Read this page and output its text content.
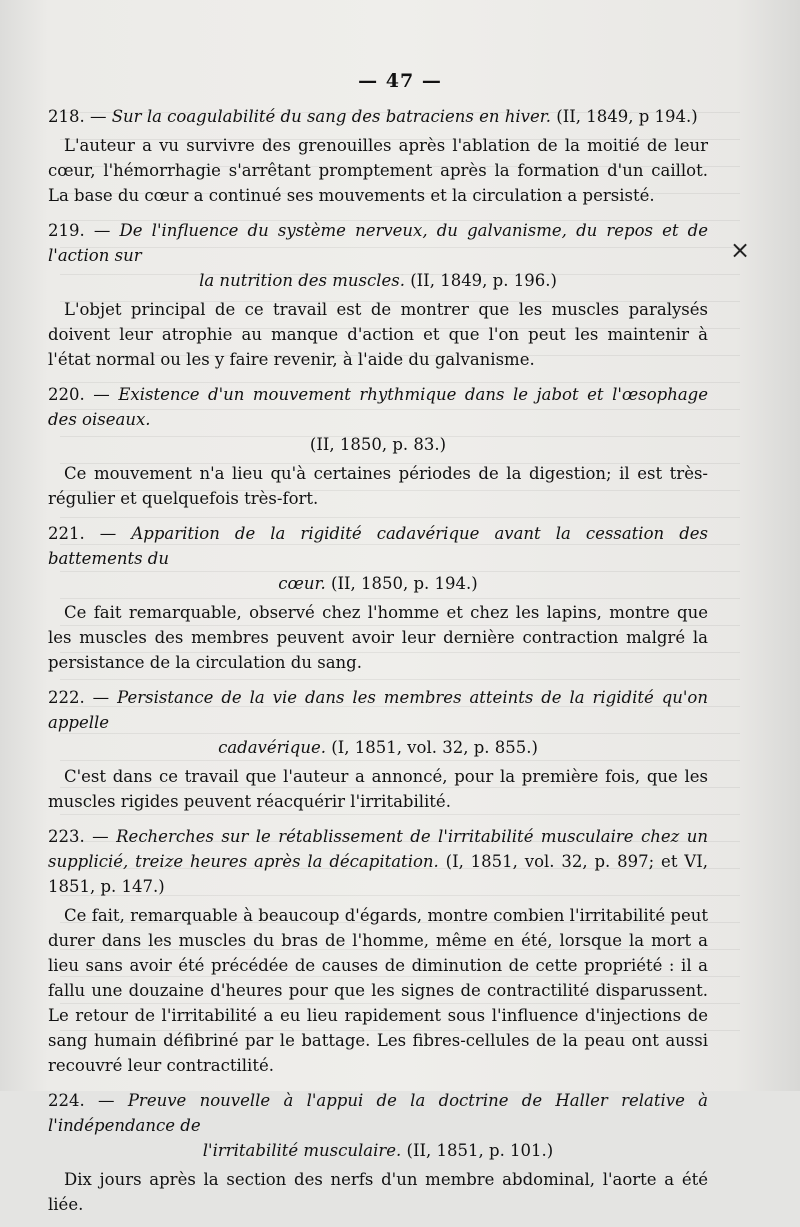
— 47 —
×
218. — Sur la coagulabilité du sang des batraciens en hiver. (II, 1849, p 194.)
L'auteur a vu survivre des grenouilles après l'ablation de la moitié de leur cœur, l'hémorrhagie s'arrêtant promptement après la formation d'un caillot. La base du cœur a continué ses mouvements et la circulation a persisté.
219. — De l'influence du système nerveux, du galvanisme, du repos et de l'action sur
la nutrition des muscles. (II, 1849, p. 196.)
L'objet principal de ce travail est de montrer que les muscles paralysés doivent leur atrophie au manque d'action et que l'on peut les maintenir à l'état normal ou les y faire revenir, à l'aide du galvanisme.
220. — Existence d'un mouvement rhythmique dans le jabot et l'œsophage des oiseaux.
(II, 1850, p. 83.)
Ce mouvement n'a lieu qu'à certaines périodes de la digestion; il est très-régulier et quelquefois très-fort.
221. — Apparition de la rigidité cadavérique avant la cessation des battements du
cœur. (II, 1850, p. 194.)
Ce fait remarquable, observé chez l'homme et chez les lapins, montre que les muscles des membres peuvent avoir leur dernière contraction malgré la persistance de la circulation du sang.
222. — Persistance de la vie dans les membres atteints de la rigidité qu'on appelle
cadavérique. (I, 1851, vol. 32, p. 855.)
C'est dans ce travail que l'auteur a annoncé, pour la première fois, que les muscles rigides peuvent réacquérir l'irritabilité.
223. — Recherches sur le rétablissement de l'irritabilité musculaire chez un supplicié, treize heures après la décapitation. (I, 1851, vol. 32, p. 897; et VI, 1851, p. 147.)
Ce fait, remarquable à beaucoup d'égards, montre combien l'irritabilité peut durer dans les muscles du bras de l'homme, même en été, lorsque la mort a lieu sans avoir été précédée de causes de diminution de cette propriété : il a fallu une douzaine d'heures pour que les signes de contractilité disparussent. Le retour de l'irritabilité a eu lieu rapidement sous l'influence d'injections de sang humain défibriné par le battage. Les fibres-cellules de la peau ont aussi recouvré leur contractilité.
224. — Preuve nouvelle à l'appui de la doctrine de Haller relative à l'indépendance de
l'irritabilité musculaire. (II, 1851, p. 101.)
Dix jours après la section des nerfs d'un membre abdominal, l'aorte a été liée.
